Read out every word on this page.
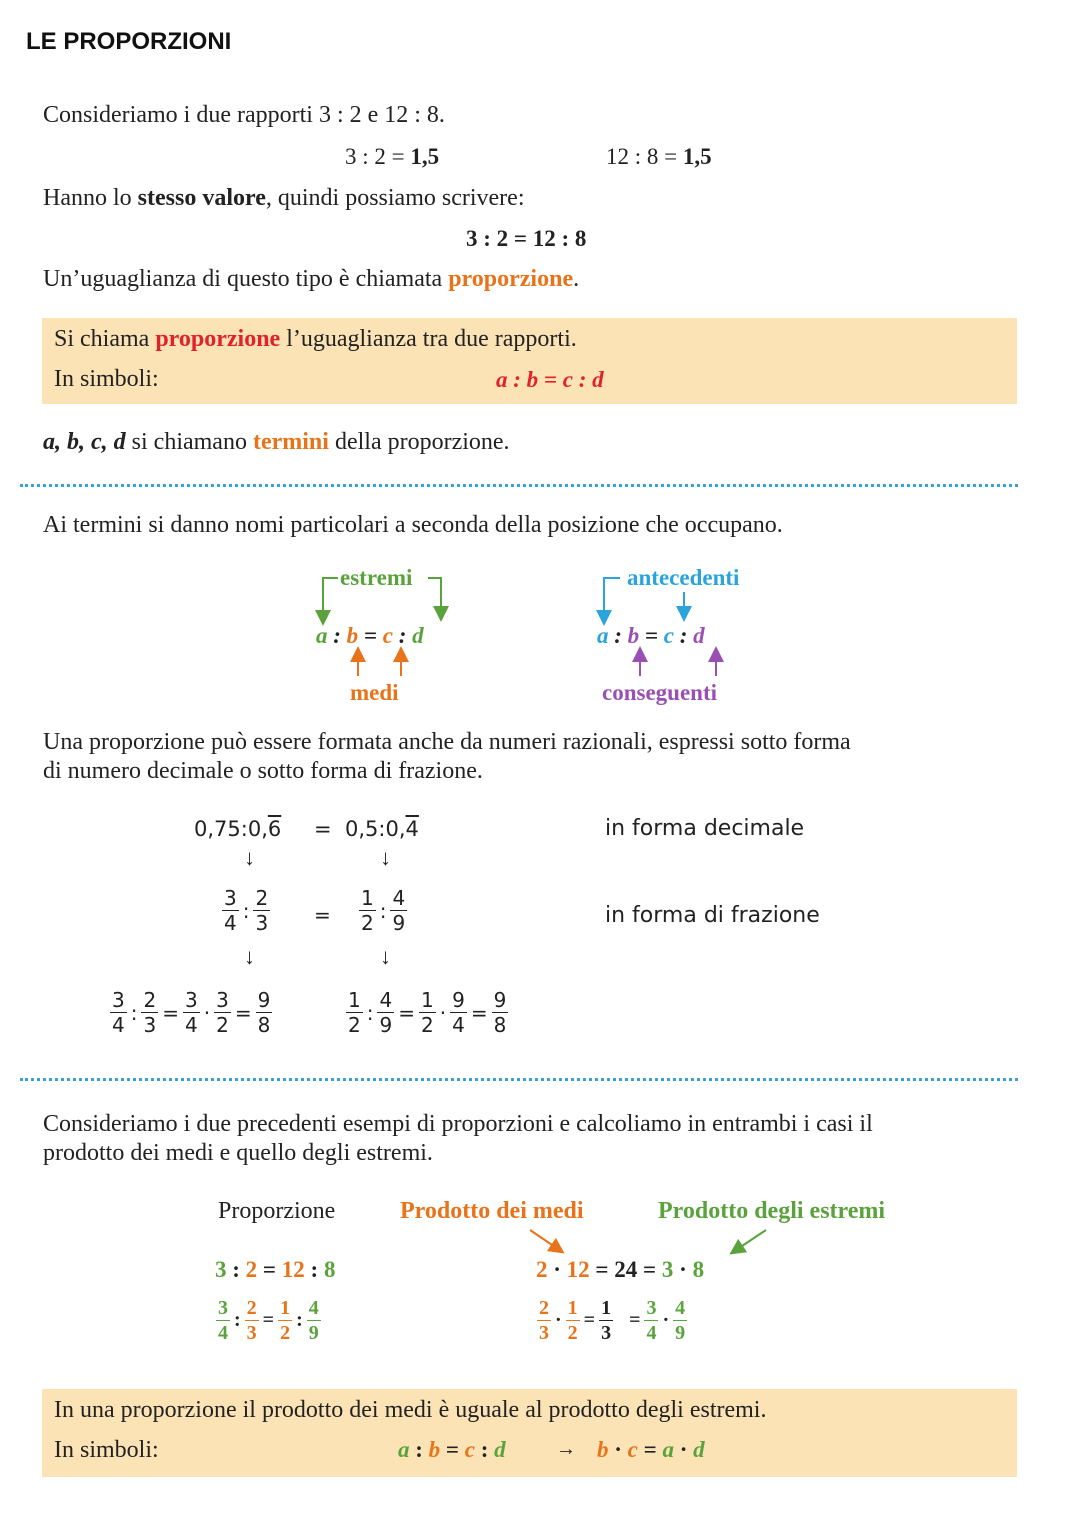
LE PROPORZIONI
Consideriamo i due rapporti 3 : 2 e 12 : 8.
3 : 2 = 1,5	12 : 8 = 1,5
Hanno lo stesso valore, quindi possiamo scrivere:
3 : 2 = 12 : 8
Un’uguaglianza di questo tipo è chiamata proporzione.
Si chiama proporzione l’uguaglianza tra due rapporti.
In simboli:	a : b = c : d
a, b, c, d si chiamano termini della proporzione.
Ai termini si danno nomi particolari a seconda della posizione che occupano.
estremi
a : b = c : d
medi
antecedenti
a : b = c : d
conseguenti
Una proporzione può essere formata anche da numeri razionali, espressi sotto forma
di numero decimale o sotto forma di frazione.
0,75:0,6 = 0,5:0,4	in forma decimale
↓	↓
$\frac{3}{4}$ : $\frac{2}{3} = \frac{1}{2}$ : $\frac{4}{9}$	in forma di frazione
↓	↓
$\frac{3}{4}$ : $\frac{2}{3} = \frac{3}{4} \cdot \frac{3}{2} = \frac{9}{8}$	$\frac{1}{2}$ : $\frac{4}{9} = \frac{1}{2} \cdot \frac{9}{4} = \frac{9}{8}$
Consideriamo i due precedenti esempi di proporzioni e calcoliamo in entrambi i casi il
prodotto dei medi e quello degli estremi.
Proporzione	Prodotto dei medi	Prodotto degli estremi
3 : 2 = 12 : 8	2 · 12 = 24 = 3 · 8
$\frac{3}{4}$ : $\frac{2}{3} = \frac{1}{2}$ : $\frac{4}{9}$	$\frac{2}{3} \cdot \frac{1}{2} = \frac{1}{3} = \frac{3}{4} \cdot \frac{4}{9}$
In una proporzione il prodotto dei medi è uguale al prodotto degli estremi.
In simboli:	a : b = c : d	→ b · c = a · d
